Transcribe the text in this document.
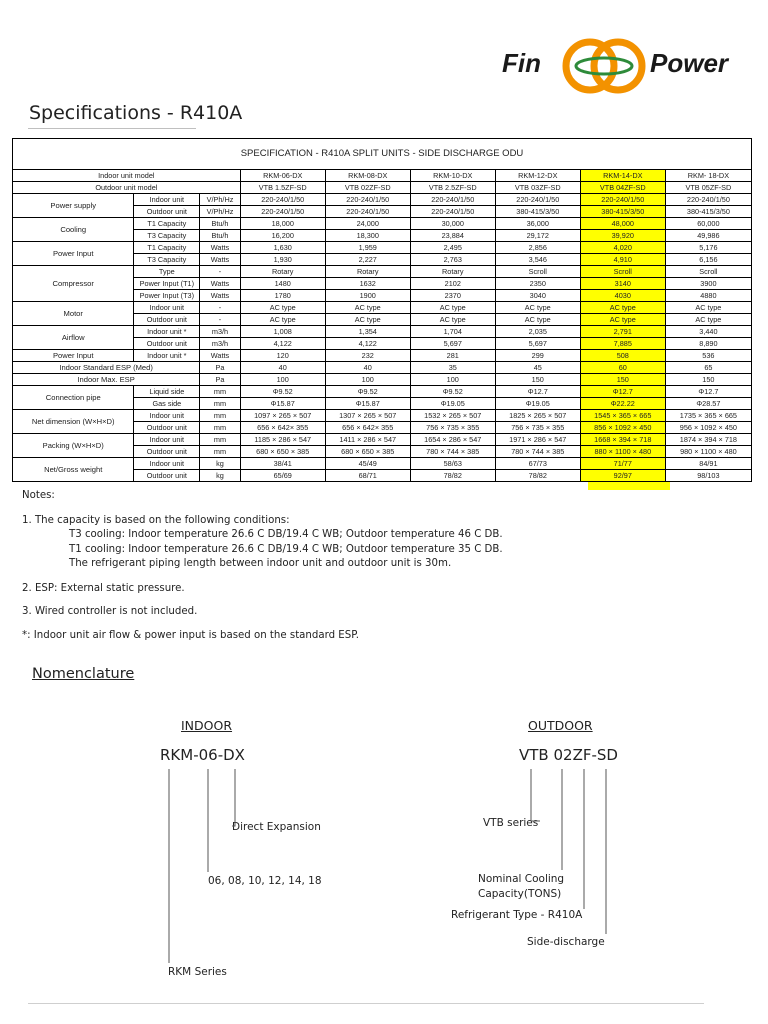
Fin	Power
Specifications - R410A
SPECIFICATION - R410A SPLIT UNITS - SIDE DISCHARGE ODU								
Indoor unit model			RKM-06-DX	RKM-08-DX	RKM-10-DX	RKM-12-DX	RKM-14-DX	RKM- 18-DX
Outdoor unit model			VTB 1.5ZF-SD	VTB 02ZF-SD	VTB 2.5ZF-SD	VTB 03ZF-SD	VTB 04ZF-SD	VTB 05ZF-SD
Power supply	Indoor unit	V/Ph/Hz	220-240/1/50	220-240/1/50	220-240/1/50	220-240/1/50	220-240/1/50	220-240/1/50
	Outdoor unit	V/Ph/Hz	220-240/1/50	220-240/1/50	220-240/1/50	380-415/3/50	380-415/3/50	380-415/3/50
Cooling	T1 Capacity	Btu/h	18,000	24,000	30,000	36,000	48,000	60,000
	T3 Capacity	Btu/h	16,200	18,300	23,884	29,172	39,920	49,986
Power Input	T1 Capacity	Watts	1,630	1,959	2,495	2,856	4,020	5,176
	T3 Capacity	Watts	1,930	2,227	2,763	3,546	4,910	6,156
Compressor	Type	-	Rotary	Rotary	Rotary	Scroll	Scroll	Scroll
	Power Input (T1)	Watts	1480	1632	2102	2350	3140	3900
	Power Input (T3)	Watts	1780	1900	2370	3040	4030	4880
Motor	Indoor unit	-	AC type	AC type	AC type	AC type	AC type	AC type
	Outdoor unit	-	AC type	AC type	AC type	AC type	AC type	AC type
Airflow	Indoor unit *	m3/h	1,008	1,354	1,704	2,035	2,791	3,440
	Outdoor unit	m3/h	4,122	4,122	5,697	5,697	7,885	8,890
Power Input	Indoor unit *	Watts	120	232	281	299	508	536
Indoor Standard ESP (Med)		Pa	40	40	35	45	60	65
Indoor Max. ESP		Pa	100	100	100	150	150	150
Connection pipe	Liquid side	mm	Φ9.52	Φ9.52	Φ9.52	Φ12.7	Φ12.7	Φ12.7
	Gas side	mm	Φ15.87	Φ15.87	Φ19.05	Φ19.05	Φ22.22	Φ28.57
Net dimension (W×H×D)	Indoor unit	mm	1097 × 265 × 507	1307 × 265 × 507	1532 × 265 × 507	1825 × 265 × 507	1545 × 365 × 665	1735 × 365 × 665
	Outdoor unit	mm	656 × 642× 355	656 × 642× 355	756 × 735 × 355	756 × 735 × 355	856 × 1092 × 450	956 × 1092 × 450
Packing (W×H×D)	Indoor unit	mm	1185 × 286 × 547	1411 × 286 × 547	1654 × 286 × 547	1971 × 286 × 547	1668 × 394 × 718	1874 × 394 × 718
	Outdoor unit	mm	680 × 650 × 385	680 × 650 × 385	780 × 744 × 385	780 × 744 × 385	880 × 1100 × 480	980 × 1100 × 480
Net/Gross weight	Indoor unit	kg	38/41	45/49	58/63	67/73	71/77	84/91
	Outdoor unit	kg	65/69	68/71	78/82	78/82	92/97	98/103
Notes:
1. The capacity is based on the following conditions:
T3 cooling: Indoor temperature 26.6 C DB/19.4 C WB; Outdoor temperature 46 C DB.
T1 cooling: Indoor temperature 26.6 C DB/19.4 C WB; Outdoor temperature 35 C DB.
The refrigerant piping length between indoor unit and outdoor unit is 30m.
2. ESP: External static pressure.
3. Wired controller is not included.
*: Indoor unit air flow & power input is based on the standard ESP.
Nomenclature
INDOOR
RKM-06-DX
Direct Expansion
06, 08, 10, 12, 14, 18
RKM Series
OUTDOOR
VTB 02ZF-SD
VTB series
Nominal Cooling
Capacity(TONS)
Refrigerant Type - R410A
Side-discharge
